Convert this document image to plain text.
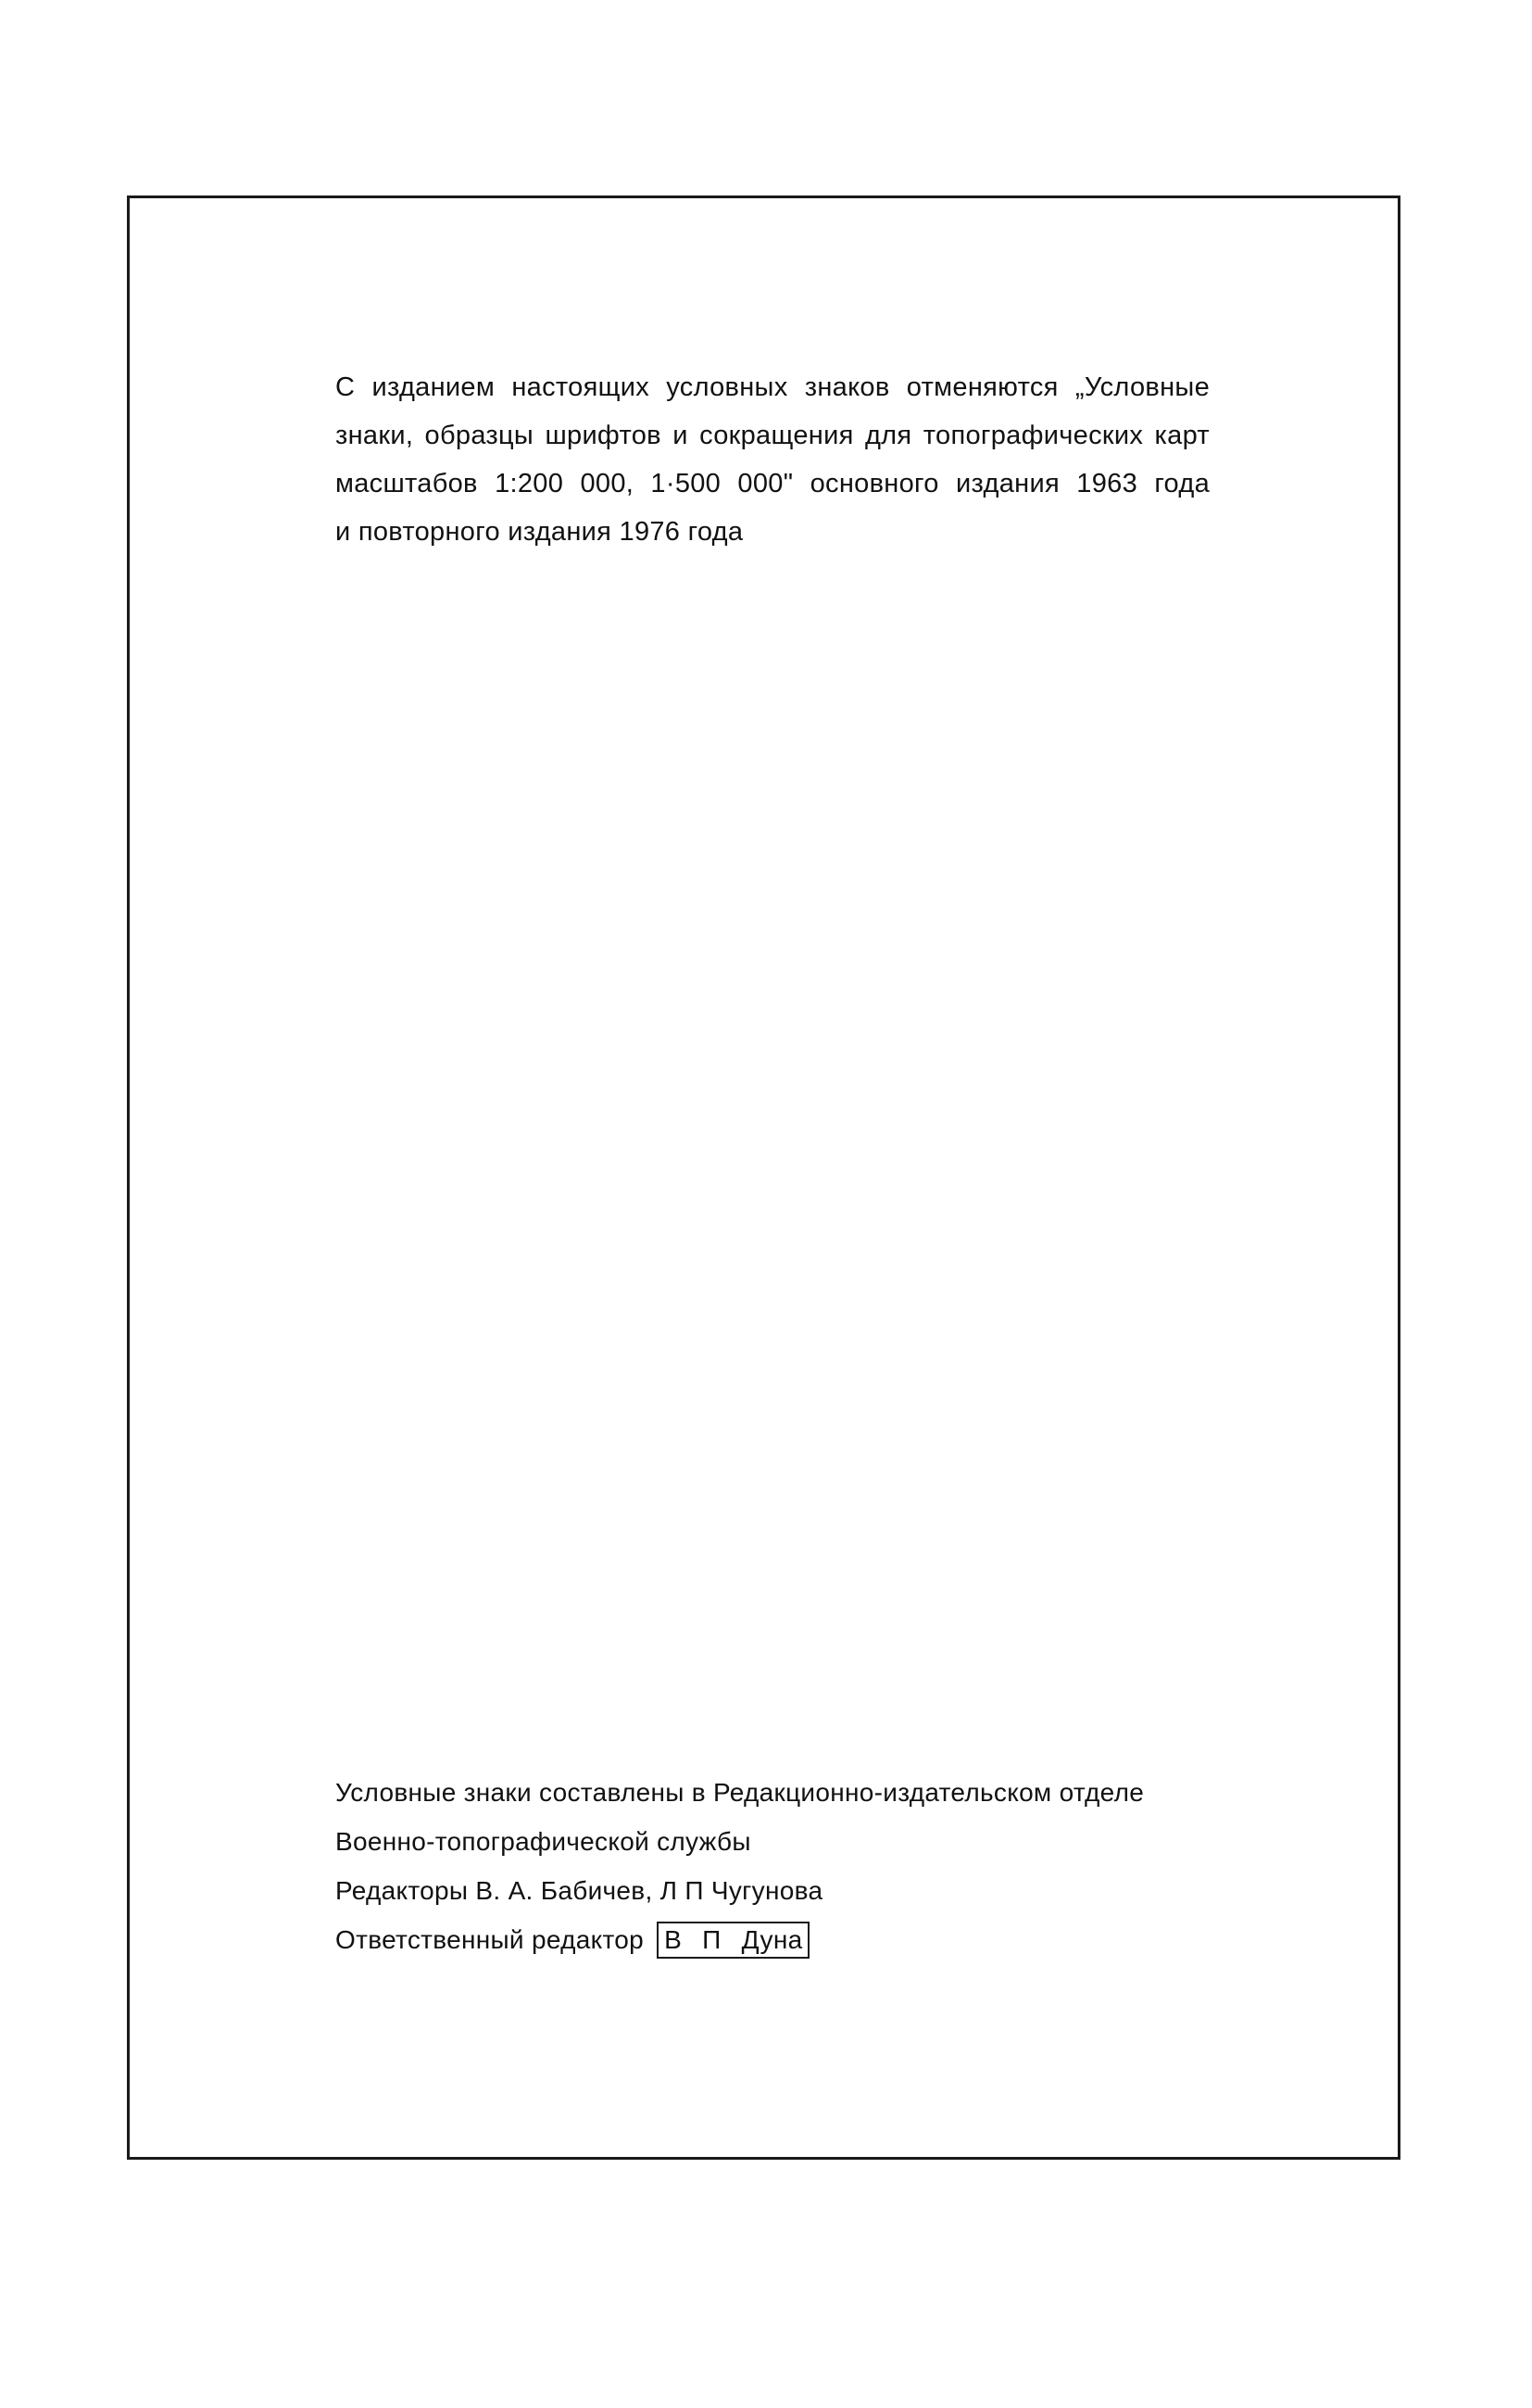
С изданием настоящих условных знаков отменяются „Условные
знаки, образцы шрифтов и сокращения для топографических карт
масштабов 1:200 000, 1·500 000" основного издания 1963 года
и повторного издания 1976 года
Условные знаки составлены в Редакционно-издательском отделе
Военно-топографической службы
Редакторы В. А. Бабичев, Л П Чугунова
Ответственный редактор В П Дуна
